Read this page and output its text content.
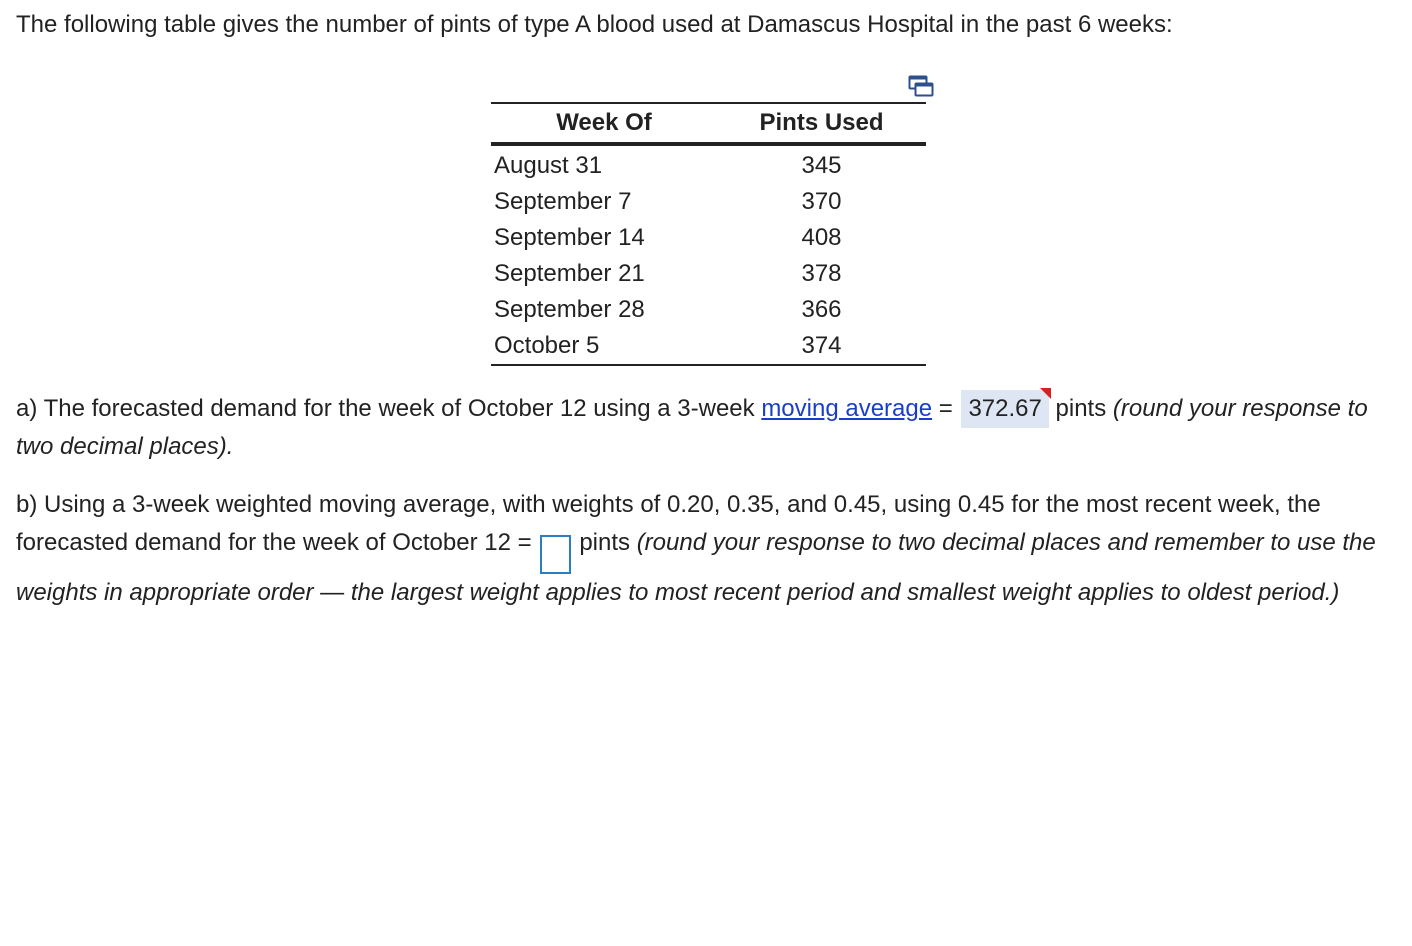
The following table gives the number of pints of type A blood used at Damascus Hospital in the past 6 weeks:
Week Of	Pints Used
August 31	345
September 7	370
September 14	408
September 21	378
September 28	366
October 5	374
a) The forecasted demand for the week of October 12 using a 3-week moving average = 372.67
pints (round your response to two decimal places).
b) Using a 3-week weighted moving average, with weights of 0.20, 0.35, and 0.45, using 0.45 for the most recent week, the forecasted demand for the week of October 12 = pints (round your response to two decimal places and remember to use the weights in appropriate order — the largest weight applies to most recent period and smallest weight applies to oldest period.)
